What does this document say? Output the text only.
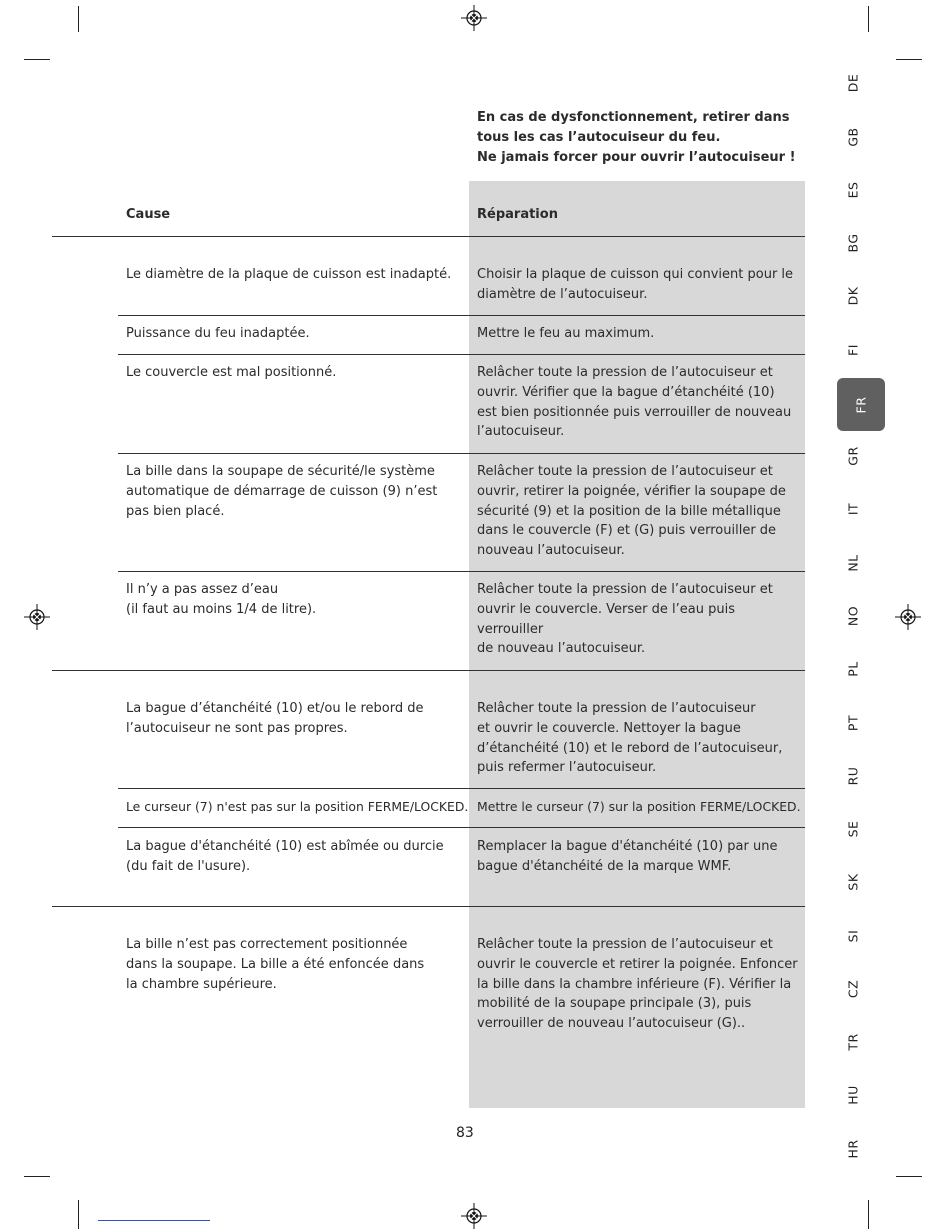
En cas de dysfonctionnement, retirer dans
tous les cas l’autocuiseur du feu.
Ne jamais forcer pour ouvrir l’autocuiseur !
Cause	Réparation
Le diamètre de la plaque de cuisson est inadapté.
Puissance du feu inadaptée.
Le couvercle est mal positionné.
La bille dans la soupape de sécurité/le système
automatique de démarrage de cuisson (9) n’est
pas bien placé.
Il n’y a pas assez d’eau
(il faut au moins 1/4 de litre).
La bague d’étanchéité (10) et/ou le rebord de
l’autocuiseur ne sont pas propres.
Le curseur (7) n'est pas sur la position FERME/LOCKED.
La bague d'étanchéité (10) est abîmée ou durcie
(du fait de l'usure).
La bille n’est pas correctement positionnée
dans la soupape. La bille a été enfoncée dans
la chambre supérieure.
Choisir la plaque de cuisson qui convient pour le
diamètre de l’autocuiseur.
Mettre le feu au maximum.
Relâcher toute la pression de l’autocuiseur et
ouvrir. Vérifier que la bague d’étanchéité (10)
est bien positionnée puis verrouiller de nouveau
l’autocuiseur.
Relâcher toute la pression de l’autocuiseur et
ouvrir, retirer la poignée, vérifier la soupape de
sécurité (9) et la position de la bille métallique
dans le couvercle (F) et (G) puis verrouiller de
nouveau l’autocuiseur.
Relâcher toute la pression de l’autocuiseur et
ouvrir le couvercle. Verser de l’eau puis verrouiller
de nouveau l’autocuiseur.
Relâcher toute la pression de l’autocuiseur
et ouvrir le couvercle. Nettoyer la bague
d’étanchéité (10) et le rebord de l’autocuiseur,
puis refermer l’autocuiseur.
Mettre le curseur (7) sur la position FERME/LOCKED.
Remplacer la bague d'étanchéité (10) par une
bague d'étanchéité de la marque WMF.
Relâcher toute la pression de l’autocuiseur et
ouvrir le couvercle et retirer la poignée. Enfoncer
la bille dans la chambre inférieure (F). Vérifier la
mobilité de la soupape principale (3), puis
verrouiller de nouveau l’autocuiseur (G)..
DE
GB
ES
BG
DK
FI
FR
GR
IT
NL
NO
PL
PT
RU
SE
SK
SI
CZ
TR
HU
HR
83
